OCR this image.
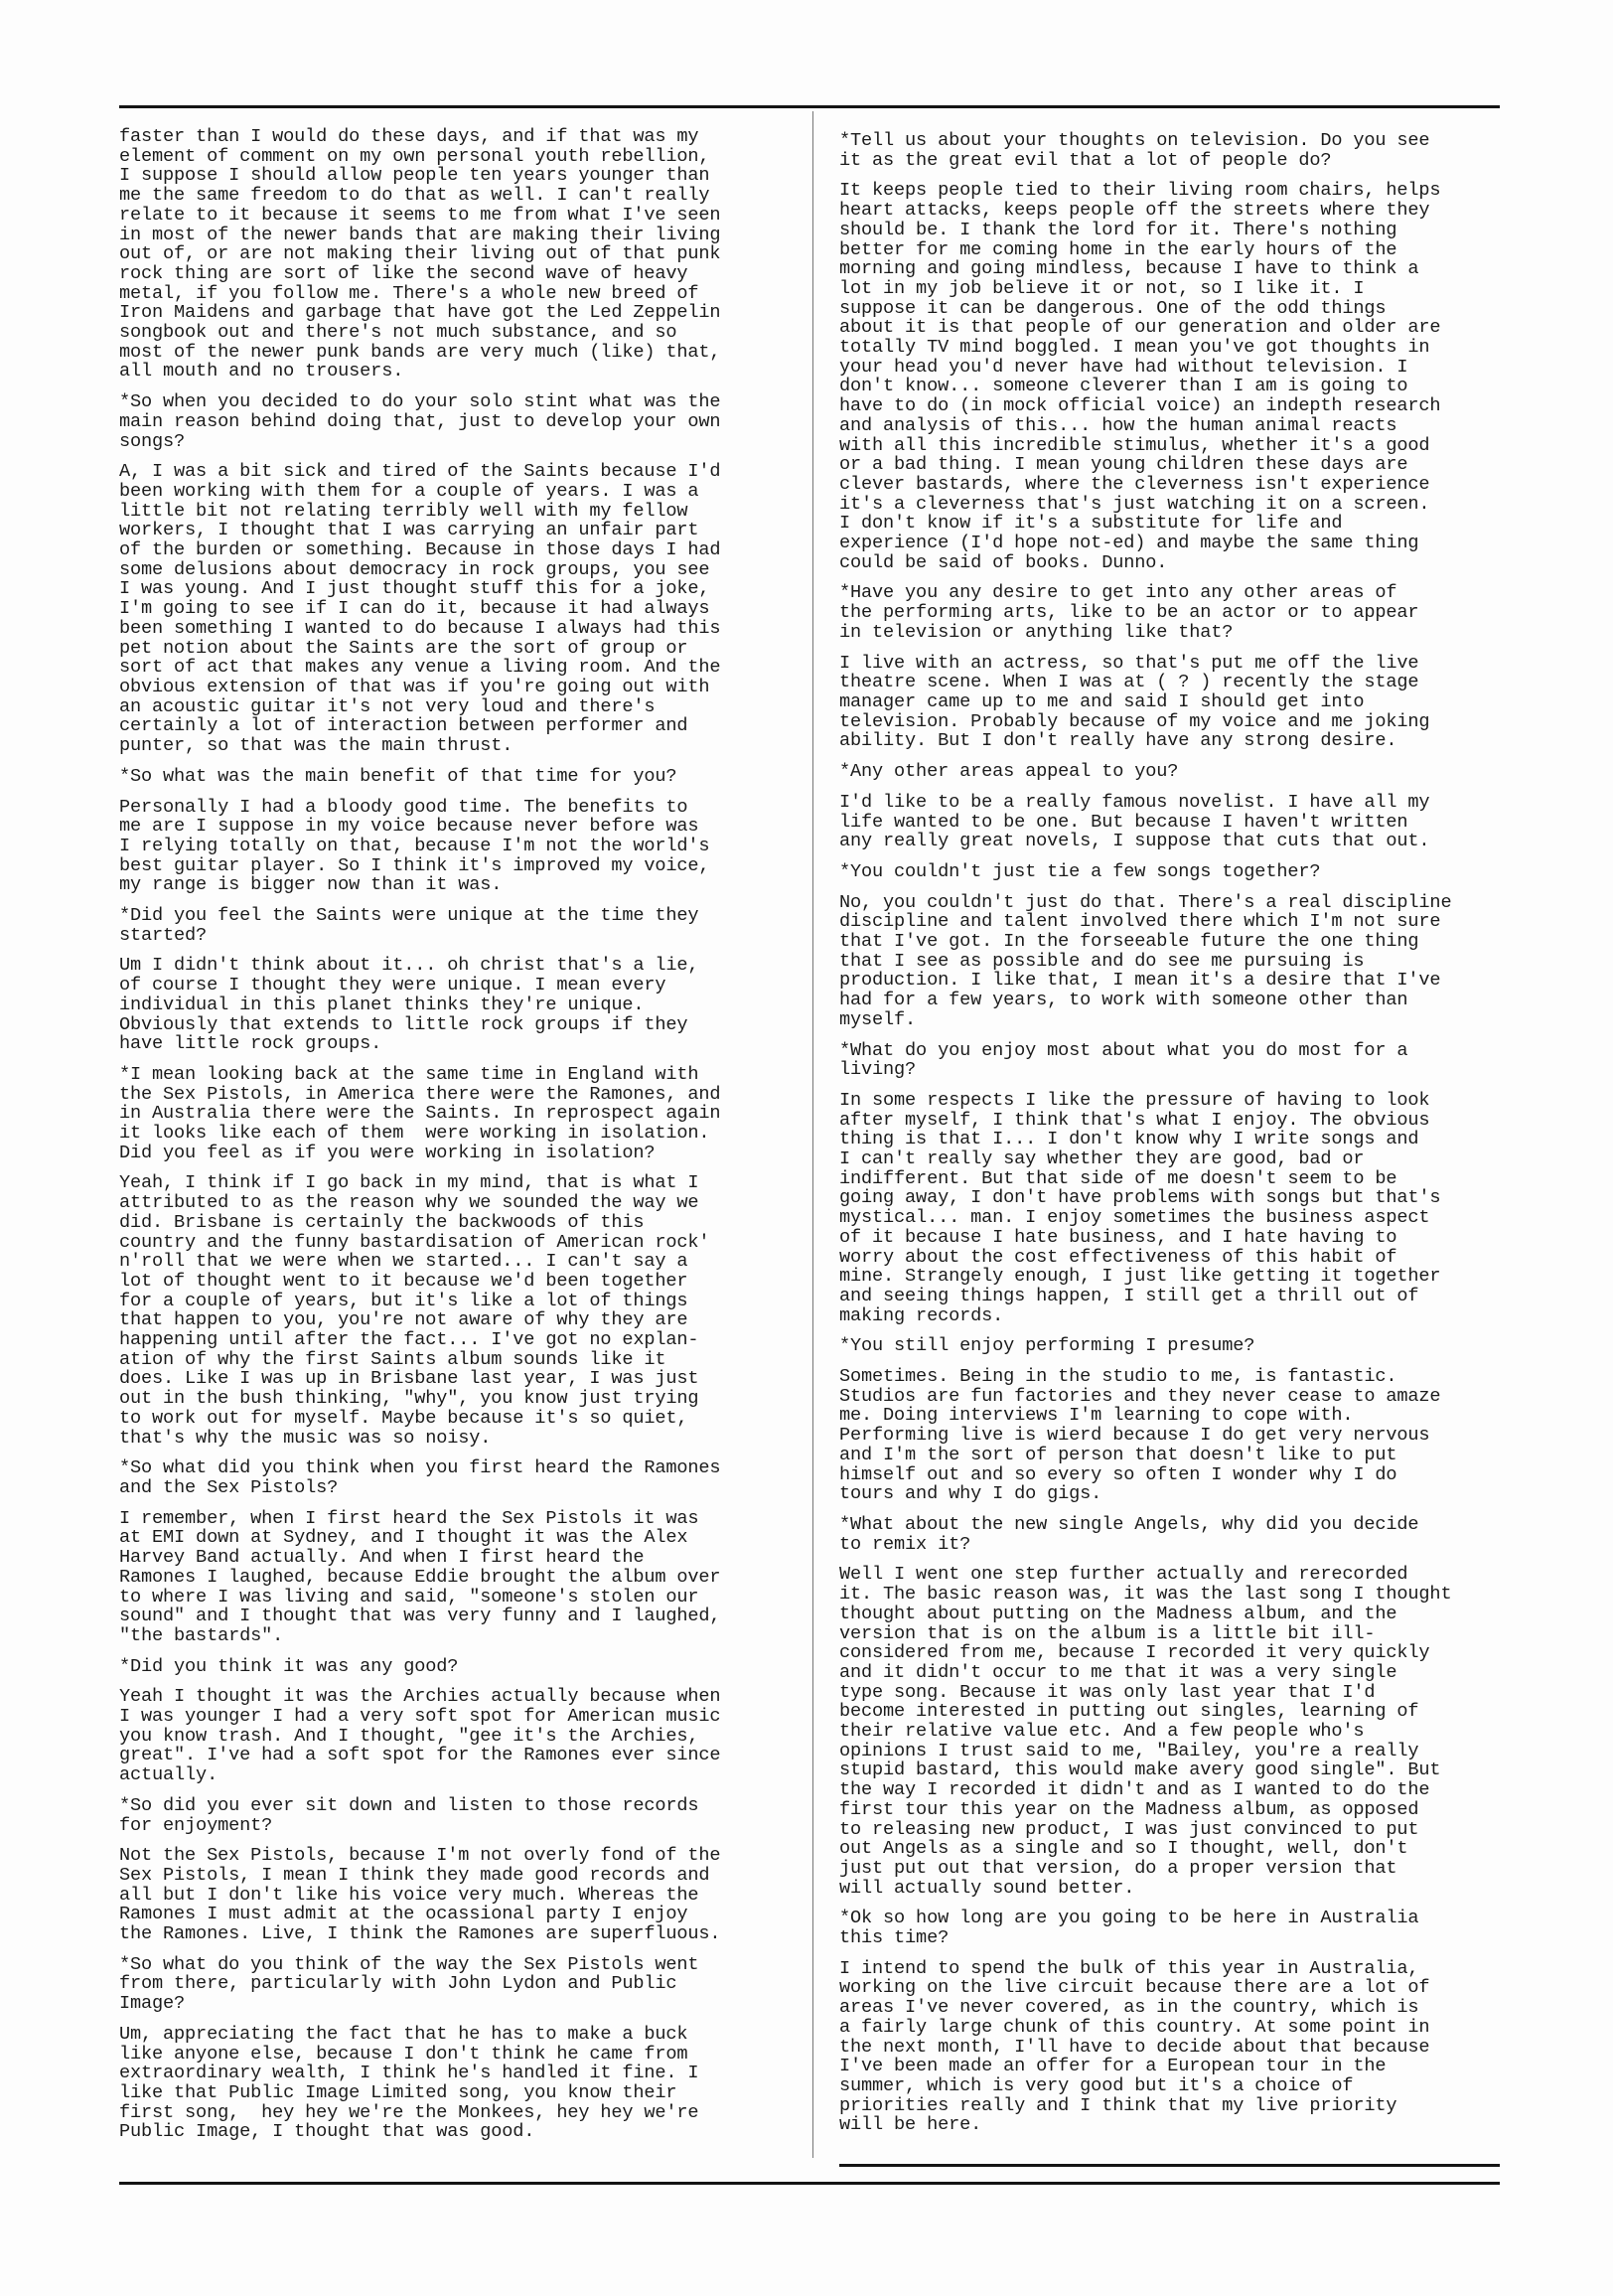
faster than I would do these days, and if that was my
element of comment on my own personal youth rebellion,
I suppose I should allow people ten years younger than
me the same freedom to do that as well. I can't really
relate to it because it seems to me from what I've seen
in most of the newer bands that are making their living
out of, or are not making their living out of that punk
rock thing are sort of like the second wave of heavy
metal, if you follow me. There's a whole new breed of
Iron Maidens and garbage that have got the Led Zeppelin
songbook out and there's not much substance, and so
most of the newer punk bands are very much (like) that,
all mouth and no trousers.

*So when you decided to do your solo stint what was the
main reason behind doing that, just to develop your own
songs?

A, I was a bit sick and tired of the Saints because I'd
been working with them for a couple of years. I was a
little bit not relating terribly well with my fellow
workers, I thought that I was carrying an unfair part
of the burden or something. Because in those days I had
some delusions about democracy in rock groups, you see
I was young. And I just thought stuff this for a joke,
I'm going to see if I can do it, because it had always
been something I wanted to do because I always had this
pet notion about the Saints are the sort of group or
sort of act that makes any venue a living room. And the
obvious extension of that was if you're going out with
an acoustic guitar it's not very loud and there's
certainly a lot of interaction between performer and
punter, so that was the main thrust.

*So what was the main benefit of that time for you?

Personally I had a bloody good time. The benefits to
me are I suppose in my voice because never before was
I relying totally on that, because I'm not the world's
best guitar player. So I think it's improved my voice,
my range is bigger now than it was.

*Did you feel the Saints were unique at the time they
started?

Um I didn't think about it... oh christ that's a lie,
of course I thought they were unique. I mean every
individual in this planet thinks they're unique.
Obviously that extends to little rock groups if they
have little rock groups.

*I mean looking back at the same time in England with
the Sex Pistols, in America there were the Ramones, and
in Australia there were the Saints. In reprospect again
it looks like each of them  were working in isolation.
Did you feel as if you were working in isolation?

Yeah, I think if I go back in my mind, that is what I
attributed to as the reason why we sounded the way we
did. Brisbane is certainly the backwoods of this
country and the funny bastardisation of American rock'
n'roll that we were when we started... I can't say a
lot of thought went to it because we'd been together
for a couple of years, but it's like a lot of things
that happen to you, you're not aware of why they are
happening until after the fact... I've got no explan-
ation of why the first Saints album sounds like it
does. Like I was up in Brisbane last year, I was just
out in the bush thinking, "why", you know just trying
to work out for myself. Maybe because it's so quiet,
that's why the music was so noisy.

*So what did you think when you first heard the Ramones
and the Sex Pistols?

I remember, when I first heard the Sex Pistols it was
at EMI down at Sydney, and I thought it was the Alex
Harvey Band actually. And when I first heard the
Ramones I laughed, because Eddie brought the album over
to where I was living and said, "someone's stolen our
sound" and I thought that was very funny and I laughed,
"the bastards".

*Did you think it was any good?

Yeah I thought it was the Archies actually because when
I was younger I had a very soft spot for American music
you know trash. And I thought, "gee it's the Archies,
great". I've had a soft spot for the Ramones ever since
actually.

*So did you ever sit down and listen to those records
for enjoyment?

Not the Sex Pistols, because I'm not overly fond of the
Sex Pistols, I mean I think they made good records and
all but I don't like his voice very much. Whereas the
Ramones I must admit at the ocassional party I enjoy
the Ramones. Live, I think the Ramones are superfluous.

*So what do you think of the way the Sex Pistols went
from there, particularly with John Lydon and Public
Image?

Um, appreciating the fact that he has to make a buck
like anyone else, because I don't think he came from
extraordinary wealth, I think he's handled it fine. I
like that Public Image Limited song, you know their
first song,  hey hey we're the Monkees, hey hey we're
Public Image, I thought that was good.

*Tell us about your thoughts on television. Do you see
it as the great evil that a lot of people do?

It keeps people tied to their living room chairs, helps
heart attacks, keeps people off the streets where they
should be. I thank the lord for it. There's nothing
better for me coming home in the early hours of the
morning and going mindless, because I have to think a
lot in my job believe it or not, so I like it. I
suppose it can be dangerous. One of the odd things
about it is that people of our generation and older are
totally TV mind boggled. I mean you've got thoughts in
your head you'd never have had without television. I
don't know... someone cleverer than I am is going to
have to do (in mock official voice) an indepth research
and analysis of this... how the human animal reacts
with all this incredible stimulus, whether it's a good
or a bad thing. I mean young children these days are
clever bastards, where the cleverness isn't experience
it's a cleverness that's just watching it on a screen.
I don't know if it's a substitute for life and
experience (I'd hope not-ed) and maybe the same thing
could be said of books. Dunno.

*Have you any desire to get into any other areas of
the performing arts, like to be an actor or to appear
in television or anything like that?

I live with an actress, so that's put me off the live
theatre scene. When I was at ( ? ) recently the stage
manager came up to me and said I should get into
television. Probably because of my voice and me joking
ability. But I don't really have any strong desire.

*Any other areas appeal to you?

I'd like to be a really famous novelist. I have all my
life wanted to be one. But because I haven't written
any really great novels, I suppose that cuts that out.

*You couldn't just tie a few songs together?

No, you couldn't just do that. There's a real discipline
discipline and talent involved there which I'm not sure
that I've got. In the forseeable future the one thing
that I see as possible and do see me pursuing is
production. I like that, I mean it's a desire that I've
had for a few years, to work with someone other than
myself.

*What do you enjoy most about what you do most for a
living?

In some respects I like the pressure of having to look
after myself, I think that's what I enjoy. The obvious
thing is that I... I don't know why I write songs and
I can't really say whether they are good, bad or
indifferent. But that side of me doesn't seem to be
going away, I don't have problems with songs but that's
mystical... man. I enjoy sometimes the business aspect
of it because I hate business, and I hate having to
worry about the cost effectiveness of this habit of
mine. Strangely enough, I just like getting it together
and seeing things happen, I still get a thrill out of
making records.

*You still enjoy performing I presume?

Sometimes. Being in the studio to me, is fantastic.
Studios are fun factories and they never cease to amaze
me. Doing interviews I'm learning to cope with.
Performing live is wierd because I do get very nervous
and I'm the sort of person that doesn't like to put
himself out and so every so often I wonder why I do
tours and why I do gigs.

*What about the new single Angels, why did you decide
to remix it?

Well I went one step further actually and rerecorded
it. The basic reason was, it was the last song I thought
thought about putting on the Madness album, and the
version that is on the album is a little bit ill-
considered from me, because I recorded it very quickly
and it didn't occur to me that it was a very single
type song. Because it was only last year that I'd
become interested in putting out singles, learning of
their relative value etc. And a few people who's
opinions I trust said to me, "Bailey, you're a really
stupid bastard, this would make avery good single". But
the way I recorded it didn't and as I wanted to do the
first tour this year on the Madness album, as opposed
to releasing new product, I was just convinced to put
out Angels as a single and so I thought, well, don't
just put out that version, do a proper version that
will actually sound better.

*Ok so how long are you going to be here in Australia
this time?

I intend to spend the bulk of this year in Australia,
working on the live circuit because there are a lot of
areas I've never covered, as in the country, which is
a fairly large chunk of this country. At some point in
the next month, I'll have to decide about that because
I've been made an offer for a European tour in the
summer, which is very good but it's a choice of
priorities really and I think that my live priority
will be here.
